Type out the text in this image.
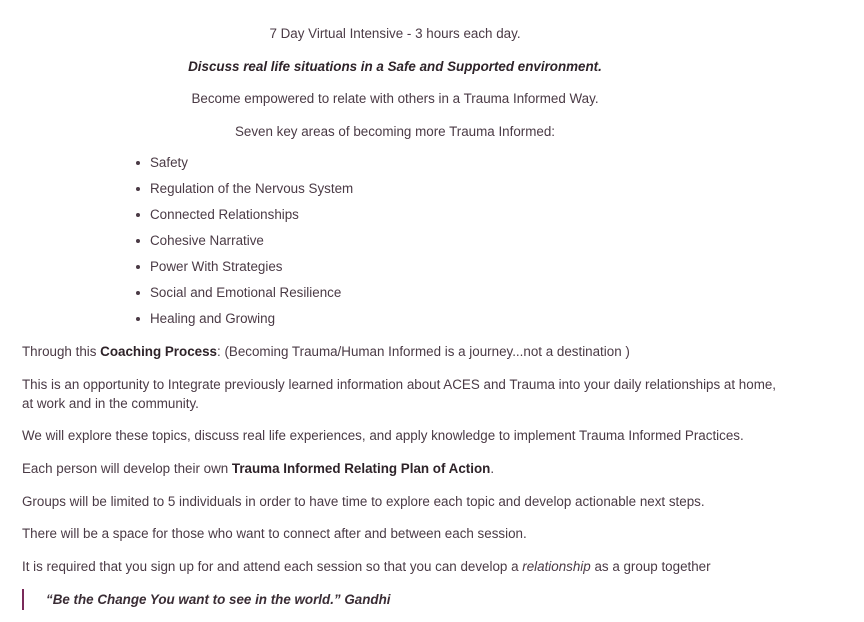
7 Day Virtual Intensive - 3 hours each day.

Discuss real life situations in a Safe and Supported environment.

Become empowered to relate with others in a Trauma Informed Way.

Seven key areas of becoming more Trauma Informed:

Safety
Regulation of the Nervous System
Connected Relationships
Cohesive Narrative
Power With Strategies
Social and Emotional Resilience
Healing and Growing

Through this Coaching Process: (Becoming Trauma/Human Informed is a journey...not a destination )

This is an opportunity to Integrate previously learned information about ACES and Trauma into your daily relationships at home, at work and in the community.

We will explore these topics, discuss real life experiences, and apply knowledge to implement Trauma Informed Practices.

Each person will develop their own Trauma Informed Relating Plan of Action.

Groups will be limited to 5 individuals in order to have time to explore each topic and develop actionable next steps.

There will be a space for those who want to connect after and between each session.

It is required that you sign up for and attend each session so that you can develop a relationship as a group together

“Be the Change You want to see in the world.” Gandhi
